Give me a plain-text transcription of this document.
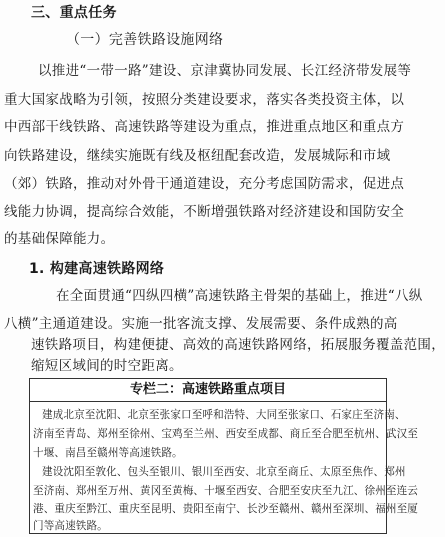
三、重点任务
（一）完善铁路设施网络
以推进“一带一路”建设、京津冀协同发展、长江经济带发展等
重大国家战略为引领，按照分类建设要求，落实各类投资主体，以
中西部干线铁路、高速铁路等建设为重点，推进重点地区和重点方
向铁路建设，继续实施既有线及枢纽配套改造，发展城际和市域
（郊）铁路，推动对外骨干通道建设，充分考虑国防需求，促进点
线能力协调，提高综合效能，不断增强铁路对经济建设和国防安全
的基础保障能力。
1. 构建高速铁路网络
在全面贯通“四纵四横”高速铁路主骨架的基础上，推进“八纵
八横”主通道建设。实施一批客流支撑、发展需要、条件成熟的高
速铁路项目，构建便捷、高效的高速铁路网络，拓展服务覆盖范围，
缩短区域间的时空距离。
专栏二：高速铁路重点项目
建成北京至沈阳、北京至张家口至呼和浩特、大同至张家口、石家庄至济南、
济南至青岛、郑州至徐州、宝鸡至兰州、西安至成都、商丘至合肥至杭州、武汉至
十堰、南昌至赣州等高速铁路。
建设沈阳至敦化、包头至银川、银川至西安、北京至商丘、太原至焦作、郑州
至济南、郑州至万州、黄冈至黄梅、十堰至西安、合肥至安庆至九江、徐州至连云
港、重庆至黔江、重庆至昆明、贵阳至南宁、长沙至赣州、赣州至深圳、福州至厦
门等高速铁路。
